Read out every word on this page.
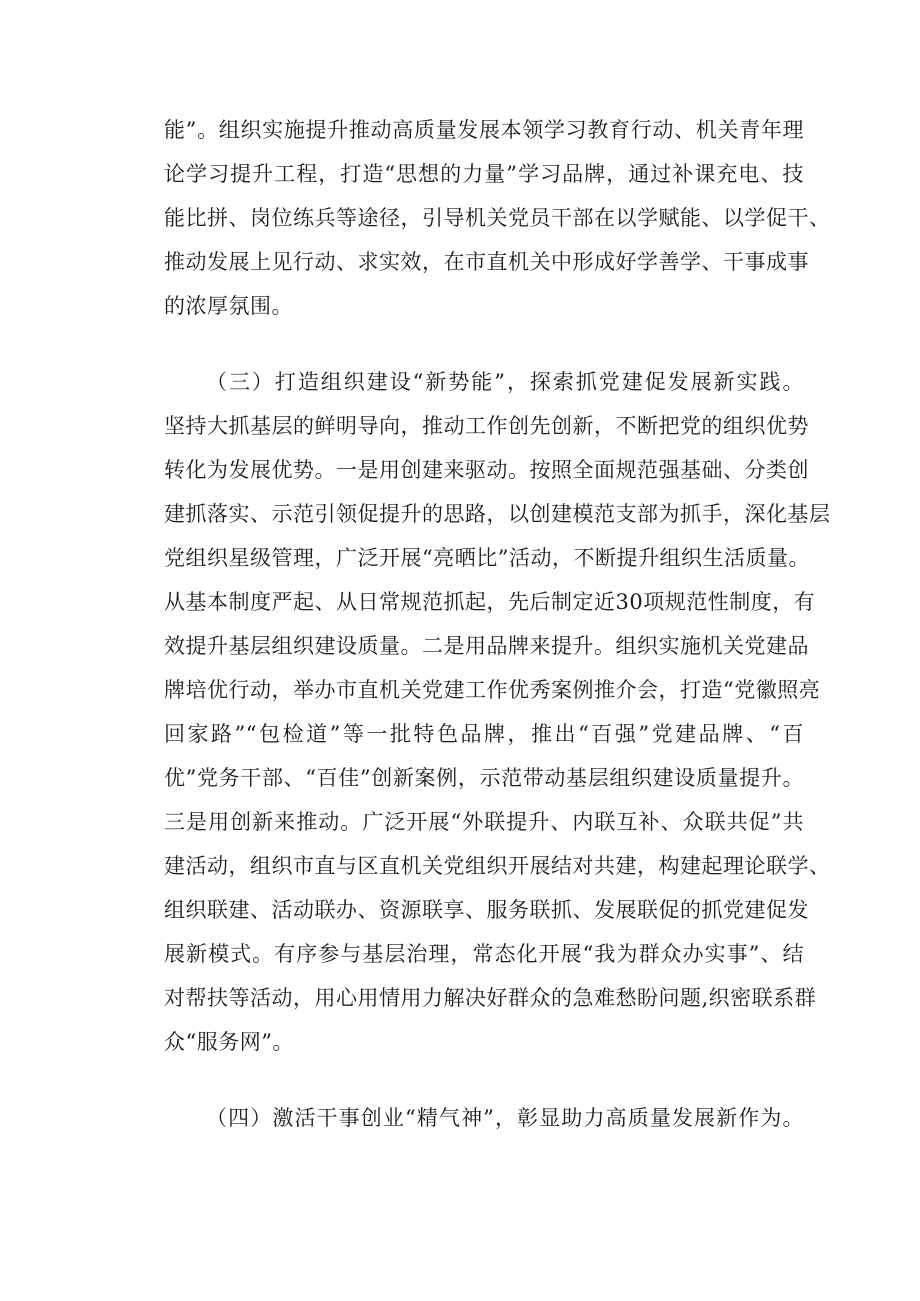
能”。组织实施提升推动高质量发展本领学习教育行动、机关青年理
论学习提升工程，打造“思想的力量”学习品牌，通过补课充电、技
能比拼、岗位练兵等途径，引导机关党员干部在以学赋能、以学促干、
推动发展上见行动、求实效，在市直机关中形成好学善学、干事成事
的浓厚氛围。
（三）打造组织建设“新势能”，探索抓党建促发展新实践。
坚持大抓基层的鲜明导向，推动工作创先创新，不断把党的组织优势
转化为发展优势。一是用创建来驱动。按照全面规范强基础、分类创
建抓落实、示范引领促提升的思路，以创建模范支部为抓手，深化基层
党组织星级管理，广泛开展“亮晒比”活动，不断提升组织生活质量。
从基本制度严起、从日常规范抓起，先后制定近30项规范性制度，有
效提升基层组织建设质量。二是用品牌来提升。组织实施机关党建品
牌培优行动，举办市直机关党建工作优秀案例推介会，打造“党徽照亮
回家路”“包检道”等一批特色品牌，推出“百强”党建品牌、“百
优”党务干部、“百佳”创新案例，示范带动基层组织建设质量提升。
三是用创新来推动。广泛开展“外联提升、内联互补、众联共促”共
建活动，组织市直与区直机关党组织开展结对共建，构建起理论联学、
组织联建、活动联办、资源联享、服务联抓、发展联促的抓党建促发
展新模式。有序参与基层治理，常态化开展“我为群众办实事”、结
对帮扶等活动，用心用情用力解决好群众的急难愁盼问题,织密联系群
众“服务网”。
（四）激活干事创业“精气神”，彰显助力高质量发展新作为。
